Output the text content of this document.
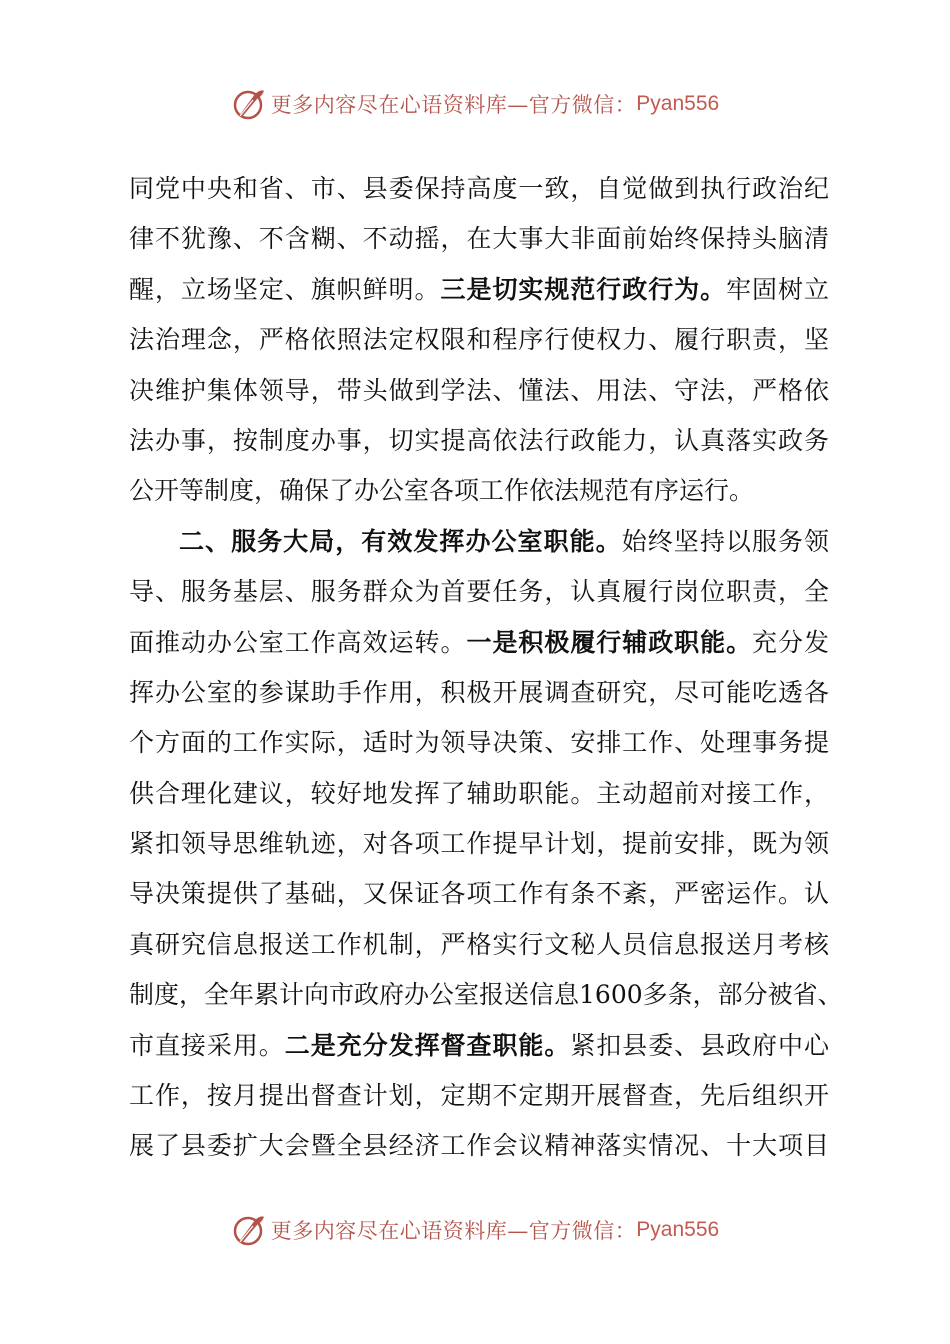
更多内容尽在心语资料库—官方微信： Pyan556
同党中央和省、市、县委保持高度一致，自觉做到执行政治纪
律不犹豫、不含糊、不动摇，在大事大非面前始终保持头脑清
醒，立场坚定、旗帜鲜明。三是切实规范行政行为。牢固树立
法治理念，严格依照法定权限和程序行使权力、履行职责，坚
决维护集体领导，带头做到学法、懂法、用法、守法，严格依
法办事，按制度办事，切实提高依法行政能力，认真落实政务
公开等制度，确保了办公室各项工作依法规范有序运行。
二、服务大局，有效发挥办公室职能。始终坚持以服务领
导、服务基层、服务群众为首要任务，认真履行岗位职责，全
面推动办公室工作高效运转。一是积极履行辅政职能。充分发
挥办公室的参谋助手作用，积极开展调查研究，尽可能吃透各
个方面的工作实际，适时为领导决策、安排工作、处理事务提
供合理化建议，较好地发挥了辅助职能。主动超前对接工作，
紧扣领导思维轨迹，对各项工作提早计划，提前安排，既为领
导决策提供了基础，又保证各项工作有条不紊，严密运作。认
真研究信息报送工作机制，严格实行文秘人员信息报送月考核
制度，全年累计向市政府办公室报送信息1600多条，部分被省、
市直接采用。二是充分发挥督查职能。紧扣县委、县政府中心
工作，按月提出督查计划，定期不定期开展督查，先后组织开
展了县委扩大会暨全县经济工作会议精神落实情况、十大项目
更多内容尽在心语资料库—官方微信： Pyan556
